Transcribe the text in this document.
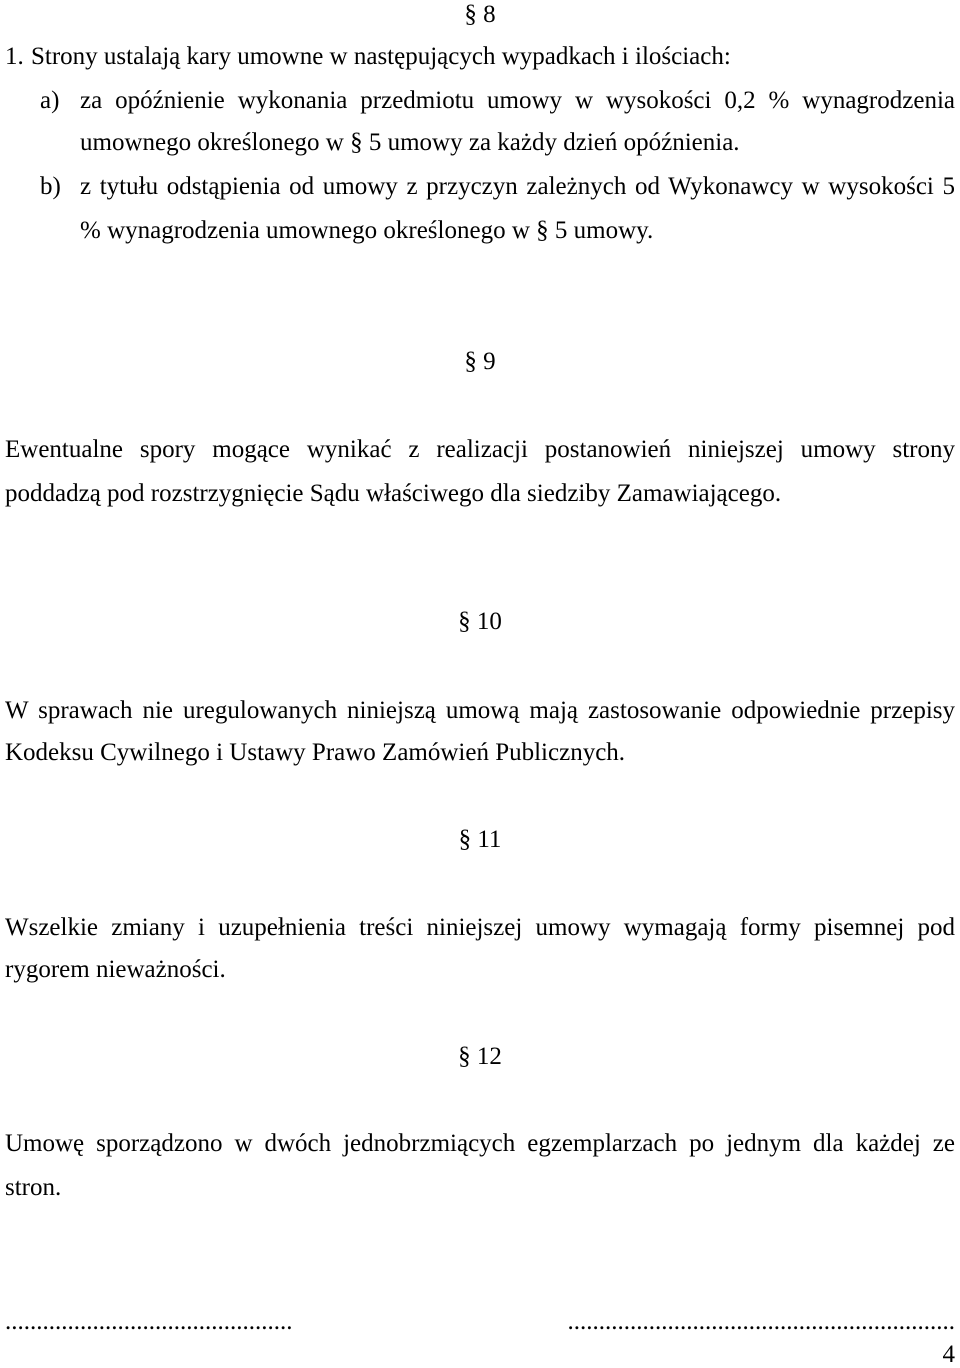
§ 8
1. Strony ustalają kary umowne w następujących wypadkach i ilościach:
a) za opóźnienie wykonania przedmiotu umowy w wysokości 0,2 % wynagrodzenia
umownego określonego w § 5 umowy za każdy dzień opóźnienia.
b) z tytułu odstąpienia od umowy z przyczyn zależnych od Wykonawcy w wysokości 5
% wynagrodzenia umownego określonego w § 5 umowy.
§ 9
Ewentualne spory mogące wynikać z realizacji postanowień niniejszej umowy strony
poddadzą pod rozstrzygnięcie Sądu właściwego dla siedziby Zamawiającego.
§ 10
W sprawach nie uregulowanych niniejszą umową mają zastosowanie odpowiednie przepisy
Kodeksu Cywilnego i Ustawy Prawo Zamówień Publicznych.
§ 11
Wszelkie zmiany i uzupełnienia treści niniejszej umowy wymagają formy pisemnej pod
rygorem nieważności.
§ 12
Umowę sporządzono w dwóch jednobrzmiących egzemplarzach po jednym dla każdej ze
stron.
..............................................	..............................................................
4
